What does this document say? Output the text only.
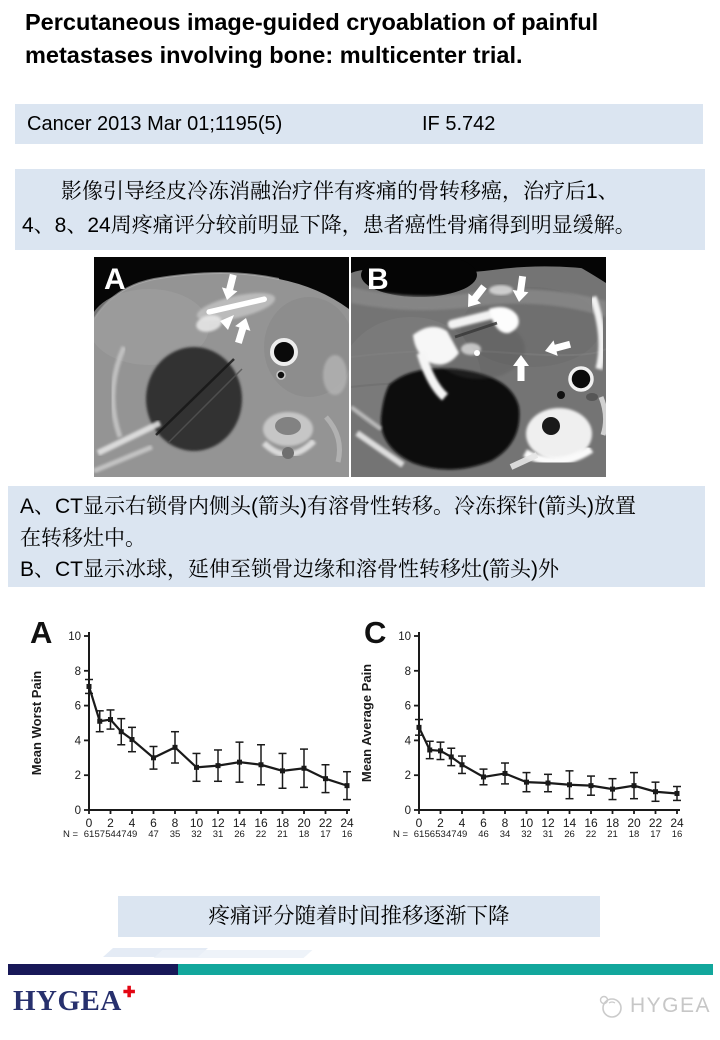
Percutaneous image-guided cryoablation of painful metastases involving bone: multicenter trial.
Cancer 2013 Mar 01;1195(5)	IF 5.742
影像引导经皮冷冻消融治疗伴有疼痛的骨转移癌，治疗后1、
4、8、24周疼痛评分较前明显下降，患者癌性骨痛得到明显缓解。
A	B
A、CT显示右锁骨内侧头(箭头)有溶骨性转移。冷冻探针(箭头)放置在转移灶中。
B、CT显示冰球，延伸至锁骨边缘和溶骨性转移灶(箭头)外
0
2
4
6
8
10
0 2 4 6 8 10 12 14 16 18 20 22 24
N = 61 57 54 47 49 47 35 32 31 26 22 21 18 17 16
Mean Worst Pain
0
2
4
6
8
10
0 2 4 6 8 10 12 14 16 18 20 22 24
N = 61 56 53 47 49 46 34 32 31 26 22 21 18 17 16
Mean Average Pain
A	C
疼痛评分随着时间推移逐渐下降
HYGEA✚
HYGEA
